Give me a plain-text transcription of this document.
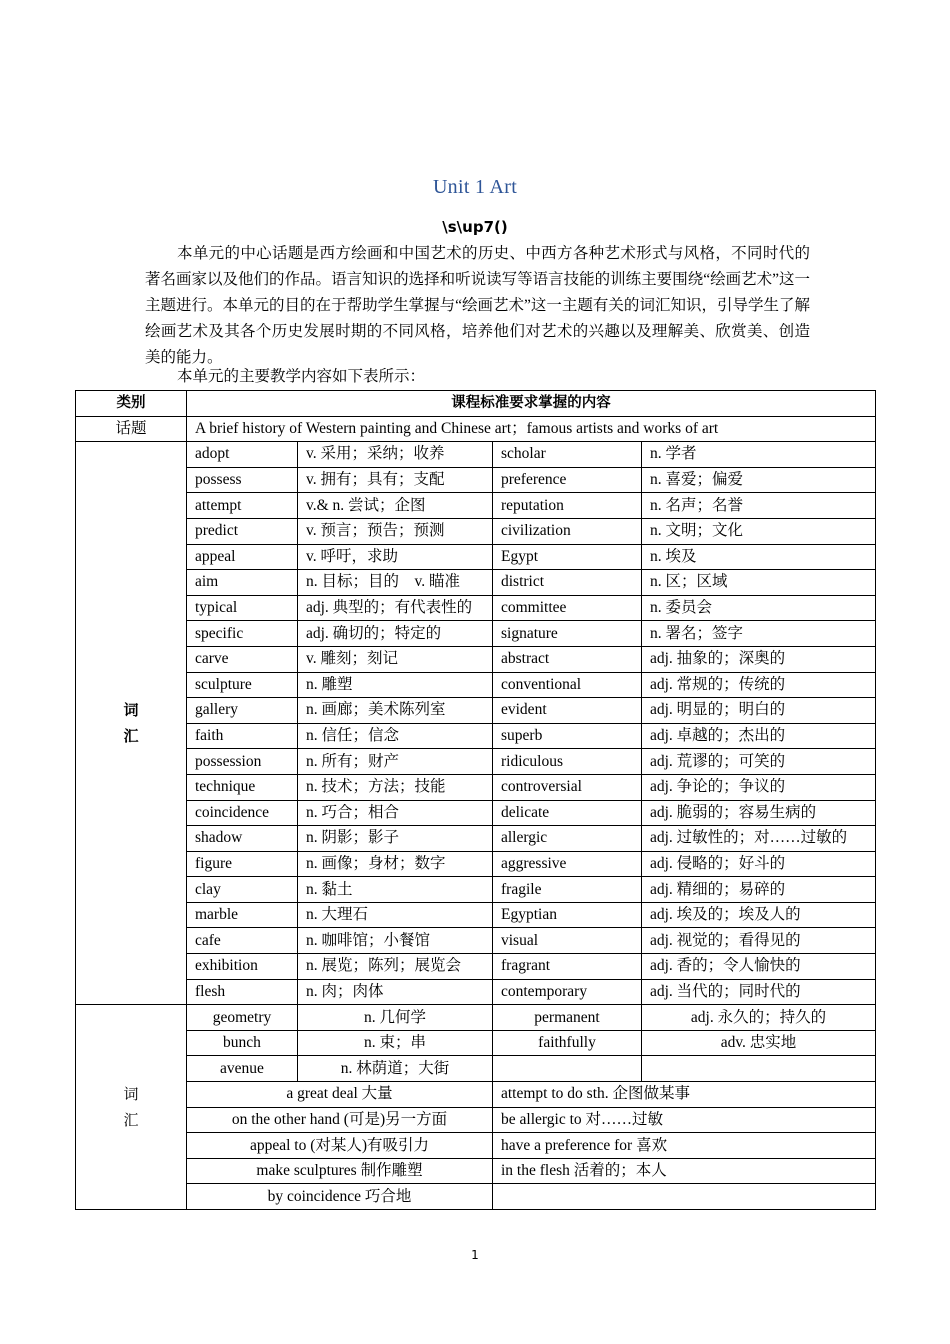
Unit 1 Art
\s\up7()
本单元的中心话题是西方绘画和中国艺术的历史、中西方各种艺术形式与风格，不同时代的著名画家以及他们的作品。语言知识的选择和听说读写等语言技能的训练主要围绕“绘画艺术”这一主题进行。本单元的目的在于帮助学生掌握与“绘画艺术”这一主题有关的词汇知识，引导学生了解绘画艺术及其各个历史发展时期的不同风格，培养他们对艺术的兴趣以及理解美、欣赏美、创造美的能力。
本单元的主要教学内容如下表所示：
类别	课程标准要求掌握的内容			
话题	A brief history of Western painting and Chinese art；famous artists and works of art			

词
汇	adopt	v. 采用；采纳；收养	scholar	n. 学者
	possess	v. 拥有；具有；支配	preference	n. 喜爱；偏爱
	attempt	v.& n. 尝试；企图	reputation	n. 名声；名誉
	predict	v. 预言；预告；预测	civilization	n. 文明；文化
	appeal	v. 呼吁，求助	Egypt	n. 埃及
	aim	n. 目标；目的　v. 瞄准	district	n. 区；区域
	typical	adj. 典型的；有代表性的	committee	n. 委员会
	specific	adj. 确切的；特定的	signature	n. 署名；签字
	carve	v. 雕刻；刻记	abstract	adj. 抽象的；深奥的
	sculpture	n. 雕塑	conventional	adj. 常规的；传统的
	gallery	n. 画廊；美术陈列室	evident	adj. 明显的；明白的
	faith	n. 信任；信念	superb	adj. 卓越的；杰出的
	possession	n. 所有；财产	ridiculous	adj. 荒谬的；可笑的
	technique	n. 技术；方法；技能	controversial	adj. 争论的；争议的
	coincidence	n. 巧合；相合	delicate	adj. 脆弱的；容易生病的
	shadow	n. 阴影；影子	allergic	adj. 过敏性的；对……过敏的
	figure	n. 画像；身材；数字	aggressive	adj. 侵略的；好斗的
	clay	n. 黏土	fragile	adj. 精细的；易碎的
	marble	n. 大理石	Egyptian	adj. 埃及的；埃及人的
	cafe	n. 咖啡馆；小餐馆	visual	adj. 视觉的；看得见的
	exhibition	n. 展览；陈列；展览会	fragrant	adj. 香的；令人愉快的
	flesh	n. 肉；肉体	contemporary	adj. 当代的；同时代的

词
汇	geometry	n. 几何学	permanent	adj. 永久的；持久的
	bunch	n. 束；串	faithfully	adv. 忠实地
	avenue	n. 林荫道；大街		
	a great deal 大量		attempt to do sth. 企图做某事	
	on the other hand (可是)另一方面		be allergic to 对……过敏	
	appeal to (对某人)有吸引力		have a preference for 喜欢	
	make sculptures 制作雕塑		in the flesh 活着的；本人	
	by coincidence 巧合地			
1
